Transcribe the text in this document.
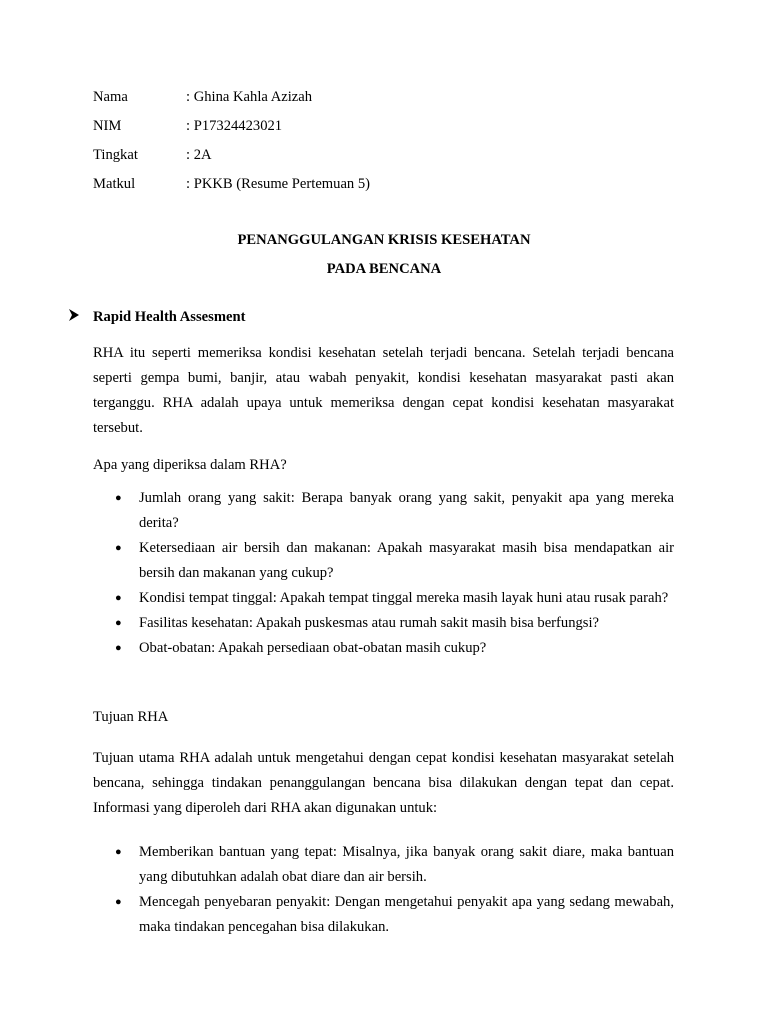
Nama	: Ghina Kahla Azizah
NIM	: P17324423021
Tingkat	: 2A
Matkul	: PKKB (Resume Pertemuan 5)
PENANGGULANGAN KRISIS KESEHATAN
PADA BENCANA
Rapid Health Assesment

RHA itu seperti memeriksa kondisi kesehatan setelah terjadi bencana. Setelah terjadi bencana seperti gempa bumi, banjir, atau wabah penyakit, kondisi kesehatan masyarakat pasti akan terganggu. RHA adalah upaya untuk memeriksa dengan cepat kondisi kesehatan masyarakat tersebut.

Apa yang diperiksa dalam RHA?

● Jumlah orang yang sakit: Berapa banyak orang yang sakit, penyakit apa yang mereka derita?
● Ketersediaan air bersih dan makanan: Apakah masyarakat masih bisa mendapatkan air bersih dan makanan yang cukup?
● Kondisi tempat tinggal: Apakah tempat tinggal mereka masih layak huni atau rusak parah?
● Fasilitas kesehatan: Apakah puskesmas atau rumah sakit masih bisa berfungsi?
● Obat-obatan: Apakah persediaan obat-obatan masih cukup?

Tujuan RHA

Tujuan utama RHA adalah untuk mengetahui dengan cepat kondisi kesehatan masyarakat setelah bencana, sehingga tindakan penanggulangan bencana bisa dilakukan dengan tepat dan cepat. Informasi yang diperoleh dari RHA akan digunakan untuk:

● Memberikan bantuan yang tepat: Misalnya, jika banyak orang sakit diare, maka bantuan yang dibutuhkan adalah obat diare dan air bersih.
● Mencegah penyebaran penyakit: Dengan mengetahui penyakit apa yang sedang mewabah, maka tindakan pencegahan bisa dilakukan.
